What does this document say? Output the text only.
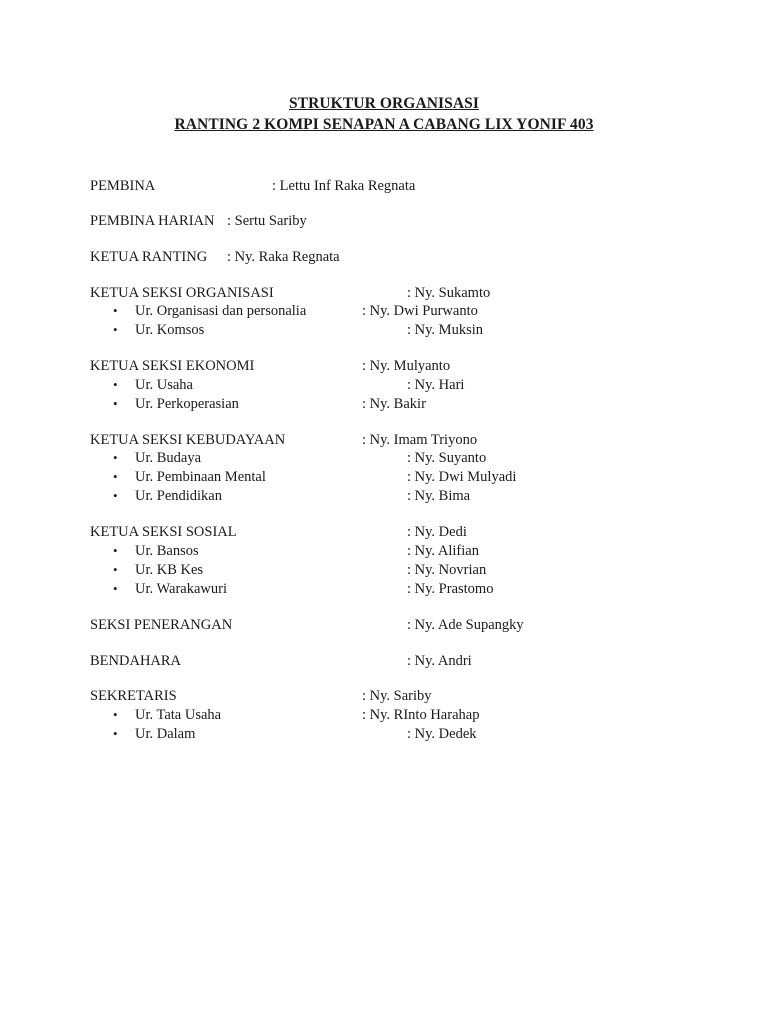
STRUKTUR ORGANISASI
RANTING 2 KOMPI SENAPAN A CABANG LIX YONIF 403
PEMBINA	: Lettu Inf Raka Regnata
PEMBINA HARIAN : Sertu Sariby
KETUA RANTING : Ny. Raka Regnata
KETUA SEKSI ORGANISASI	: Ny. Sukamto
• Ur. Organisasi dan personalia	: Ny. Dwi Purwanto
• Ur. Komsos	: Ny. Muksin
KETUA SEKSI EKONOMI	: Ny. Mulyanto
• Ur. Usaha	: Ny. Hari
• Ur. Perkoperasian	: Ny. Bakir
KETUA SEKSI KEBUDAYAAN	: Ny. Imam Triyono
• Ur. Budaya	: Ny. Suyanto
• Ur. Pembinaan Mental	: Ny. Dwi Mulyadi
• Ur. Pendidikan	: Ny. Bima
KETUA SEKSI SOSIAL	: Ny. Dedi
• Ur. Bansos	: Ny. Alifian
• Ur. KB Kes	: Ny. Novrian
• Ur. Warakawuri	: Ny. Prastomo
SEKSI PENERANGAN	: Ny. Ade Supangky
BENDAHARA	: Ny. Andri
SEKRETARIS	: Ny. Sariby
• Ur. Tata Usaha	: Ny. RInto Harahap
• Ur. Dalam	: Ny. Dedek
